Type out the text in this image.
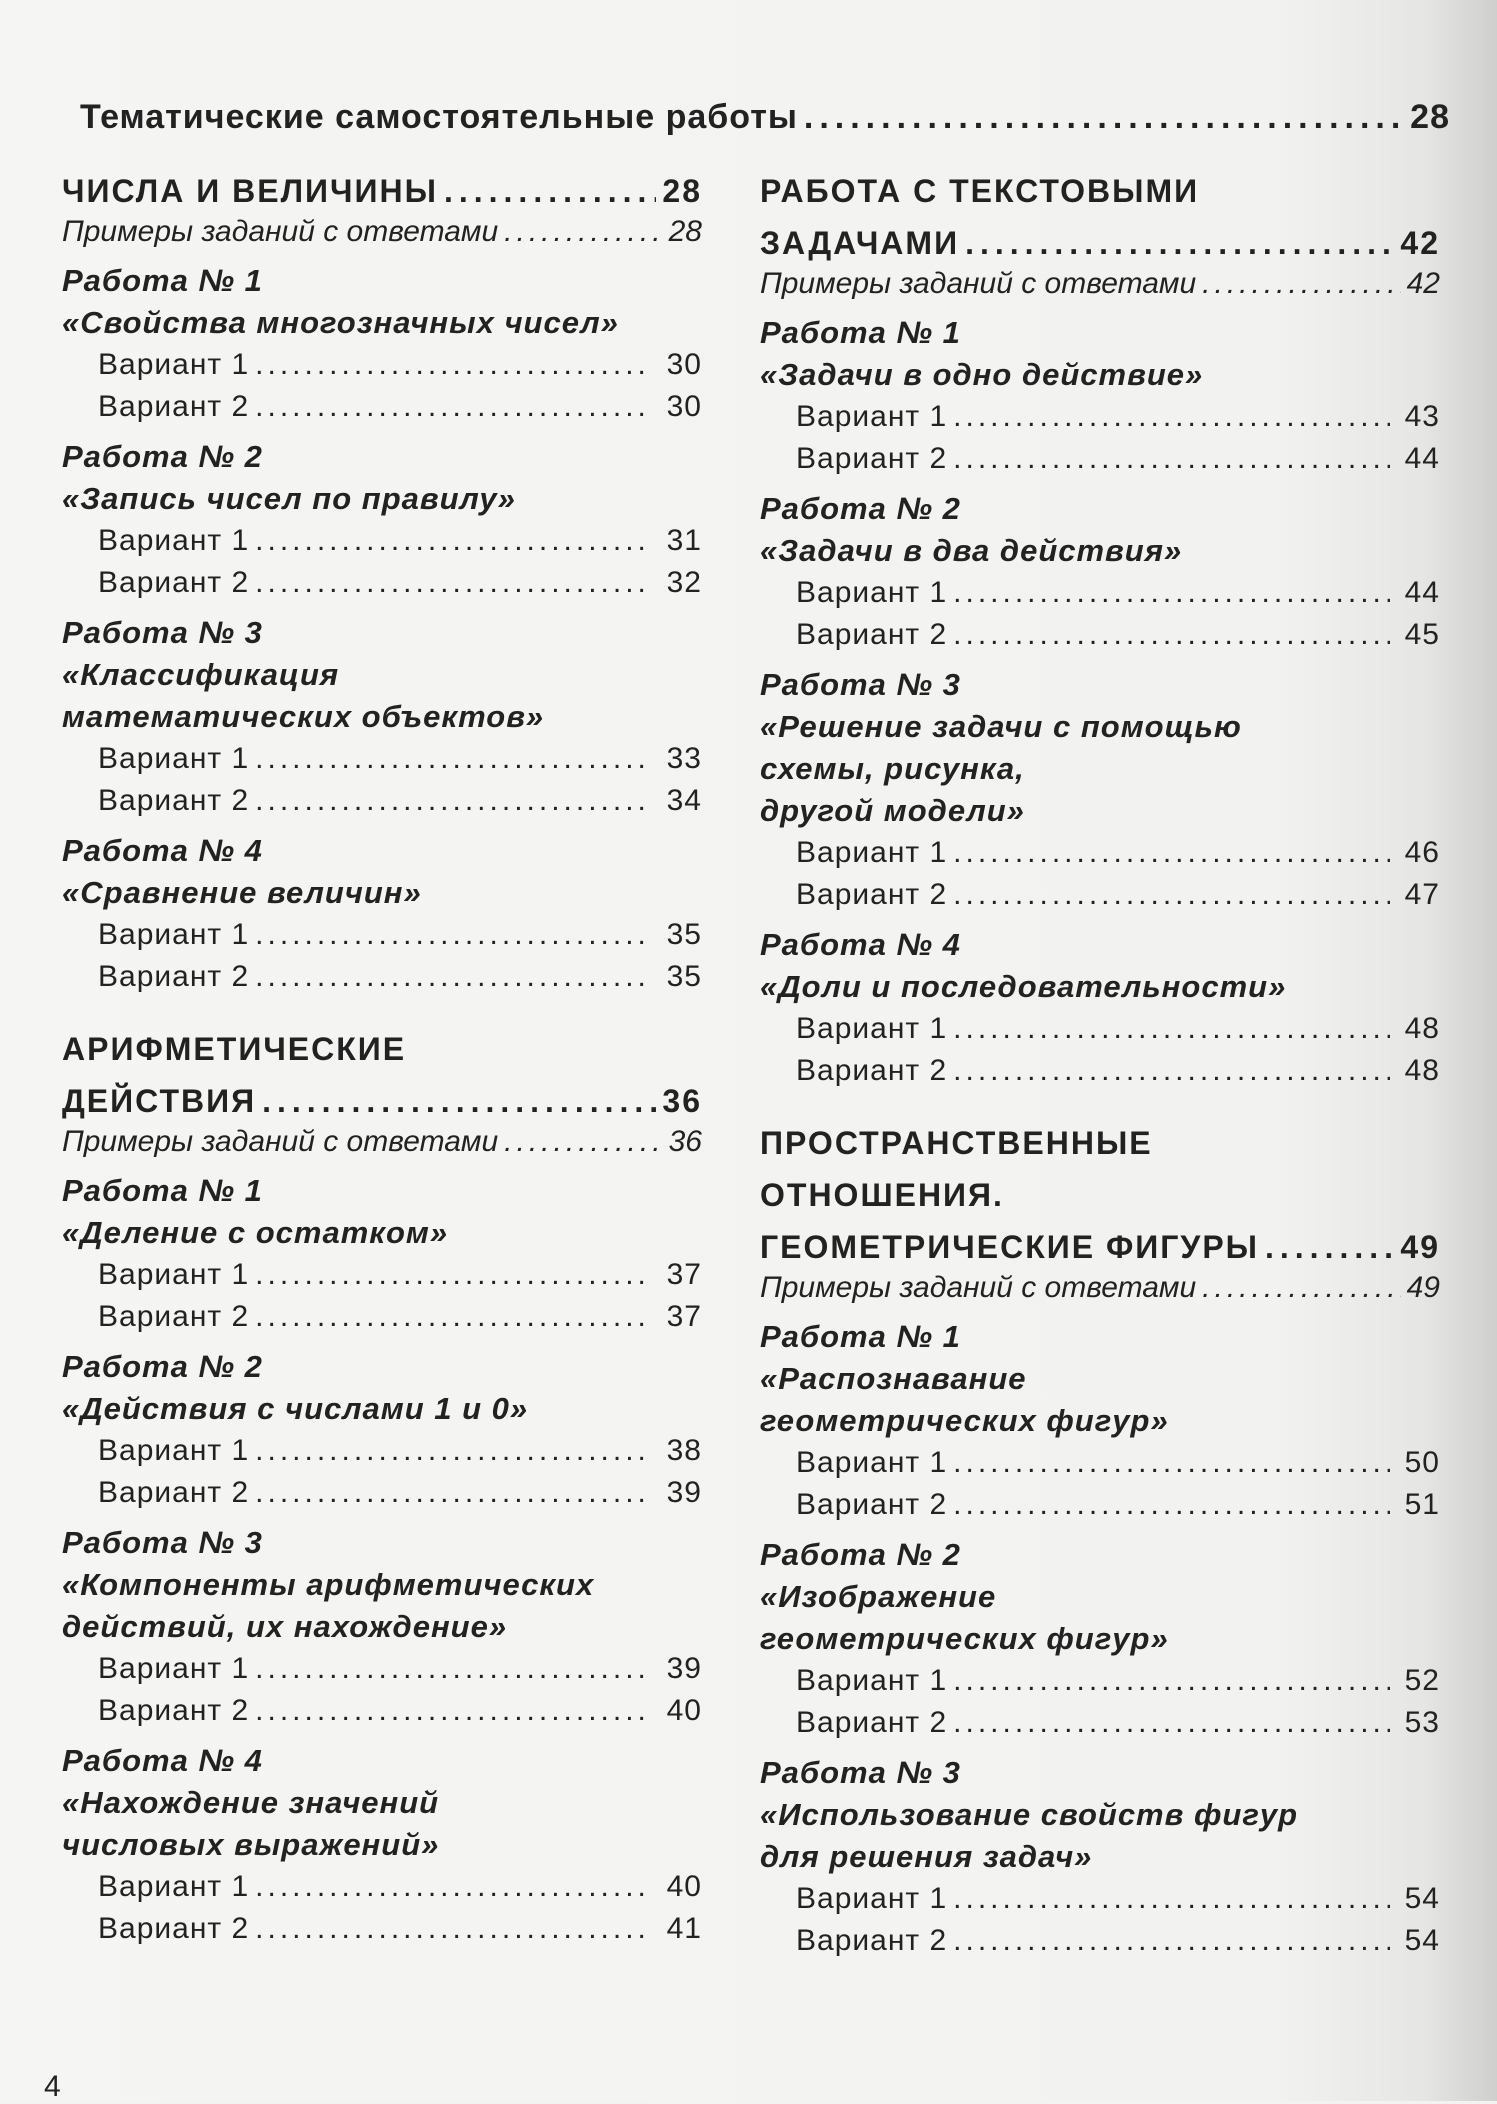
Тематические самостоятельные работы .....	28
ЧИСЛА И ВЕЛИЧИНЫ .....	28
Примеры заданий с ответами .....	28
Работа № 1
«Свойства многозначных чисел»
Вариант 1 .....	30
Вариант 2 .....	30
Работа № 2
«Запись чисел по правилу»
Вариант 1 .....	31
Вариант 2 .....	32
Работа № 3
«Классификация
математических объектов»
Вариант 1 .....	33
Вариант 2 .....	34
Работа № 4
«Сравнение величин»
Вариант 1 .....	35
Вариант 2 .....	35
АРИФМЕТИЧЕСКИЕ
ДЕЙСТВИЯ .....	36
Примеры заданий с ответами .....	36
Работа № 1
«Деление с остатком»
Вариант 1 .....	37
Вариант 2 .....	37
Работа № 2
«Действия с числами 1 и 0»
Вариант 1 .....	38
Вариант 2 .....	39
Работа № 3
«Компоненты арифметических
действий, их нахождение»
Вариант 1 .....	39
Вариант 2 .....	40
Работа № 4
«Нахождение значений
числовых выражений»
Вариант 1 .....	40
Вариант 2 .....	41
РАБОТА С ТЕКСТОВЫМИ
ЗАДАЧАМИ .....	42
Примеры заданий с ответами .....	42
Работа № 1
«Задачи в одно действие»
Вариант 1 .....	43
Вариант 2 .....	44
Работа № 2
«Задачи в два действия»
Вариант 1 .....	44
Вариант 2 .....	45
Работа № 3
«Решение задачи с помощью
схемы, рисунка,
другой модели»
Вариант 1 .....	46
Вариант 2 .....	47
Работа № 4
«Доли и последовательности»
Вариант 1 .....	48
Вариант 2 .....	48
ПРОСТРАНСТВЕННЫЕ
ОТНОШЕНИЯ.
ГЕОМЕТРИЧЕСКИЕ ФИГУРЫ .....	49
Примеры заданий с ответами .....	49
Работа № 1
«Распознавание
геометрических фигур»
Вариант 1 .....	50
Вариант 2 .....	51
Работа № 2
«Изображение
геометрических фигур»
Вариант 1 .....	52
Вариант 2 .....	53
Работа № 3
«Использование свойств фигур
для решения задач»
Вариант 1 .....	54
Вариант 2 .....	54
4
